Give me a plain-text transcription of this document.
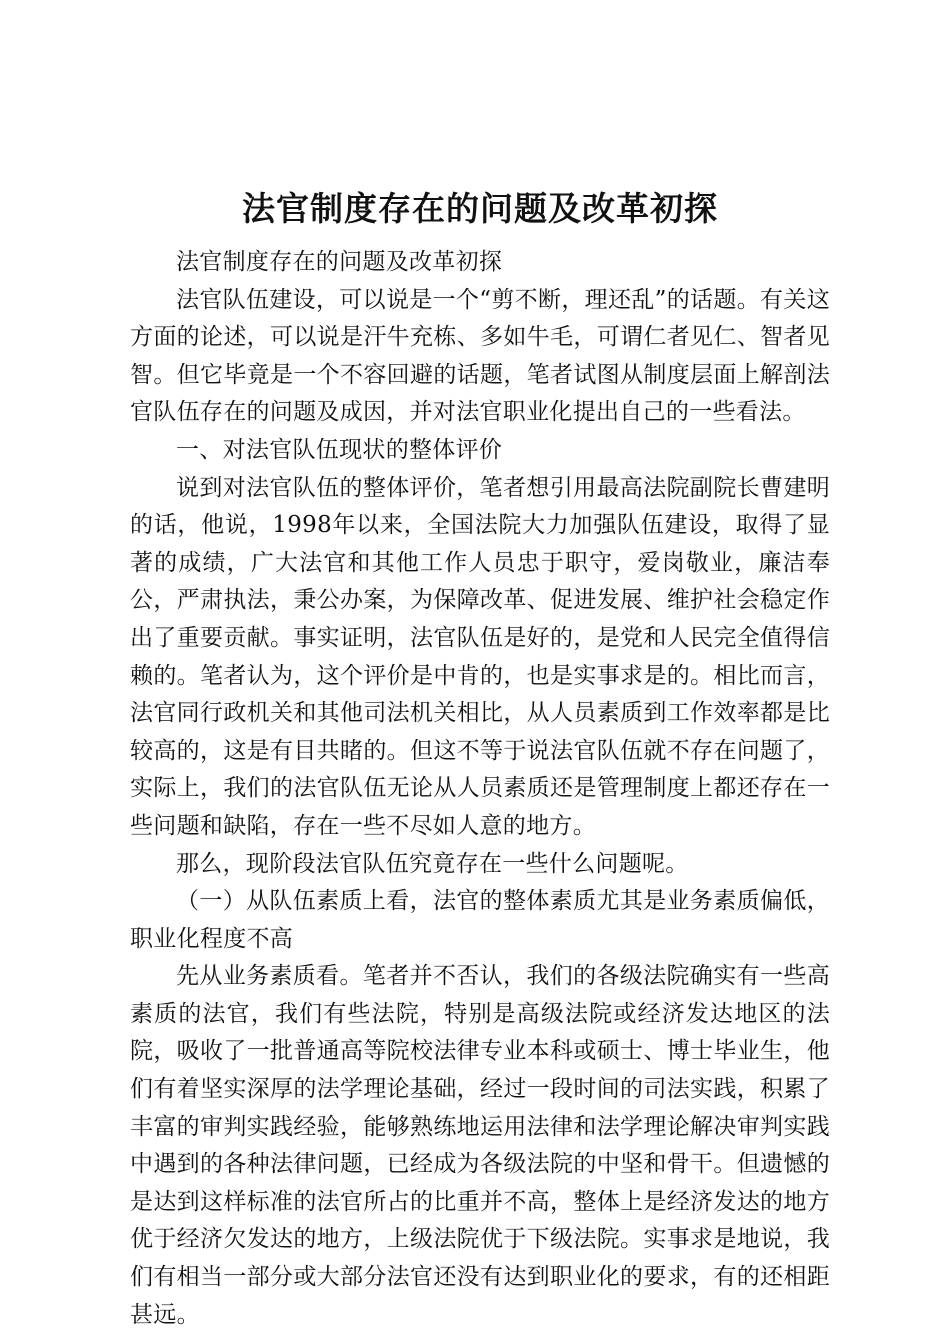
法官制度存在的问题及改革初探

法官制度存在的问题及改革初探

法官队伍建设，可以说是一个“剪不断，理还乱”的话题。有关这方面的论述，可以说是汗牛充栋、多如牛毛，可谓仁者见仁、智者见智。但它毕竟是一个不容回避的话题，笔者试图从制度层面上解剖法官队伍存在的问题及成因，并对法官职业化提出自己的一些看法。

一、对法官队伍现状的整体评价

说到对法官队伍的整体评价，笔者想引用最高法院副院长曹建明的话，他说，1998年以来，全国法院大力加强队伍建设，取得了显著的成绩，广大法官和其他工作人员忠于职守，爱岗敬业，廉洁奉公，严肃执法，秉公办案，为保障改革、促进发展、维护社会稳定作出了重要贡献。事实证明，法官队伍是好的，是党和人民完全值得信赖的。笔者认为，这个评价是中肯的，也是实事求是的。相比而言，法官同行政机关和其他司法机关相比，从人员素质到工作效率都是比较高的，这是有目共睹的。但这不等于说法官队伍就不存在问题了，实际上，我们的法官队伍无论从人员素质还是管理制度上都还存在一些问题和缺陷，存在一些不尽如人意的地方。

那么，现阶段法官队伍究竟存在一些什么问题呢。

（一）从队伍素质上看，法官的整体素质尤其是业务素质偏低，职业化程度不高

先从业务素质看。笔者并不否认，我们的各级法院确实有一些高素质的法官，我们有些法院，特别是高级法院或经济发达地区的法院，吸收了一批普通高等院校法律专业本科或硕士、博士毕业生，他们有着坚实深厚的法学理论基础，经过一段时间的司法实践，积累了丰富的审判实践经验，能够熟练地运用法律和法学理论解决审判实践中遇到的各种法律问题，已经成为各级法院的中坚和骨干。但遗憾的是达到这样标准的法官所占的比重并不高，整体上是经济发达的地方优于经济欠发达的地方，上级法院优于下级法院。实事求是地说，我们有相当一部分或大部分法官还没有达到职业化的要求，有的还相距甚远。
